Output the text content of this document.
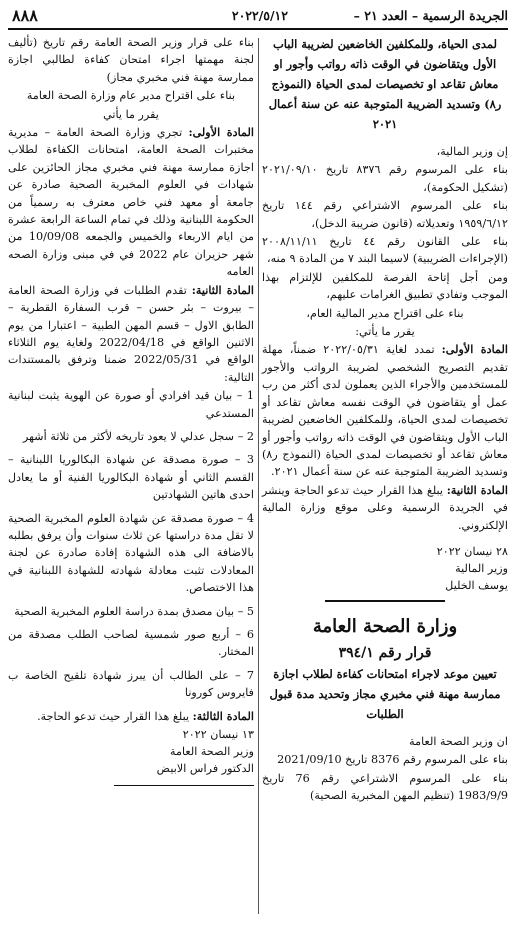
الجريدة الرسمية – العدد ٢١ –
٢٠٢٢/٥/١٢
٨٨٨

لمدى الحياة، وللمكلفين الخاضعين لضريبة الباب الأول ويتقاضون في الوقت ذاته رواتب وأجور او معاش تقاعد او تخصيصات لمدى الحياة (النموذج ر٨) وتسديد الضريبة المتوجبة عنه عن سنة أعمال ٢٠٢١

إن وزير المالية،

بناء على المرسوم رقم ٨٣٧٦ تاريخ ٢٠٢١/٠٩/١٠ (تشكيل الحكومة)،

بناء على المرسوم الاشتراعي رقم ١٤٤ تاريخ ١٩٥٩/٦/١٢ وتعديلاته (قانون ضريبة الدخل)،

بناء على القانون رقم ٤٤ تاريخ ٢٠٠٨/١١/١١ (الإجراءات الضريبية) لاسيما البند ٧ من المادة ٩ منه،

ومن أجل إتاحة الفرصة للمكلفين للإلتزام بهذا الموجب وتفادي تطبيق الغرامات عليهم،

بناء على اقتراح مدير المالية العام،

يقرر ما يأتي:

المادة الأولى: تمدد لغاية ٢٠٢٢/٠٥/٣١ ضمناً، مهلة تقديم التصريح الشخصي لضريبة الرواتب والأجور للمستخدمين والأجراء الذين يعملون لدى أكثر من رب عمل أو يتقاضون في الوقت نفسه معاش تقاعد أو تخصيصات لمدى الحياة، وللمكلفين الخاضعين لضريبة الباب الأول ويتقاضون في الوقت ذاته رواتب وأجور أو معاش تقاعد أو تخصيصات لمدى الحياة (النموذج ر٨) وتسديد الضريبة المتوجبة عنه عن سنة أعمال ٢٠٢١.

المادة الثانية: يبلغ هذا القرار حيث تدعو الحاجة وينشر في الجريدة الرسمية وعلى موقع وزارة المالية الإلكتروني.

٢٨ نيسان ٢٠٢٢
وزير المالية
يوسف الخليل
وزارة الصحة العامة
قرار رقم ٣٩٤/١

تعيين موعد لاجراء امتحانات كفاءة لطلاب اجازة ممارسة مهنة فني مخبري مجاز وتحديد مدة قبول الطلبات

ان وزير الصحة العامة

بناء على المرسوم رقم 8376 تاريخ 2021/09/10

بناء على المرسوم الاشتراعي رقم 76 تاريخ 1983/9/9 (تنظيم المهن المخبرية الصحية)

بناء على قرار وزير الصحة العامة رقم تاريخ (تأليف لجنة مهمتها اجراء امتحان كفاءة لطالبي اجازة ممارسة مهنة فني مخبري مجاز)

بناء على اقتراح مدير عام وزارة الصحة العامة

يقرر ما يأتي

المادة الأولى: تجري وزارة الصحة العامة – مديرية مختبرات الصحة العامة، امتحانات الكفاءة لطلاب اجازة ممارسة مهنة فني مخبري مجاز الحائزين على شهادات في العلوم المخبرية الصحية صادرة عن جامعة أو معهد فني خاص معترف به رسمياً من الحكومة اللبنانية وذلك في تمام الساعة الرابعة عشرة من ايام الاربعاء والخميس والجمعه 10/09/08 من شهر حزيران عام 2022 في في مبنى وزارة الصحه العامه

المادة الثانية: تقدم الطلبات في وزارة الصحة العامة – بيروت – بئر حسن – قرب السفارة القطرية – الطابق الاول – قسم المهن الطبية – اعتبارا من يوم الاثنين الواقع في 2022/04/18 ولغاية يوم الثلاثاء الواقع في 2022/05/31 ضمنا وترفق بالمستندات التالية:

1 – بيان قيد افرادي أو صورة عن الهوية يثبت لبنانية المستدعي

2 – سجل عدلي لا يعود تاريخه لأكثر من ثلاثة أشهر

3 – صورة مصدقة عن شهادة البكالوريا اللبنانية – القسم الثاني أو شهادة البكالوريا الفنية أو ما يعادل احدى هاتين الشهادتين

4 – صورة مصدقة عن شهادة العلوم المخبرية الصحية لا تقل مدة دراستها عن ثلاث سنوات وأن يرفق بطلبه بالاضافة الى هذه الشهادة إفادة صادرة عن لجنة المعادلات تثبت معادلة شهادته للشهادة اللبنانية في هذا الاختصاص.

5 – بيان مصدق بمدة دراسة العلوم المخبرية الصحية

6 – أربع صور شمسية لصاحب الطلب مصدقة من المختار.

7 – على الطالب أن يبرز شهادة تلقيح الخاصة ب فايروس كورونا

المادة الثالثة: يبلغ هذا القرار حيث تدعو الحاجة.

١٣ نيسان ٢٠٢٢
وزير الصحة العامة
الدكتور فراس الابيض
